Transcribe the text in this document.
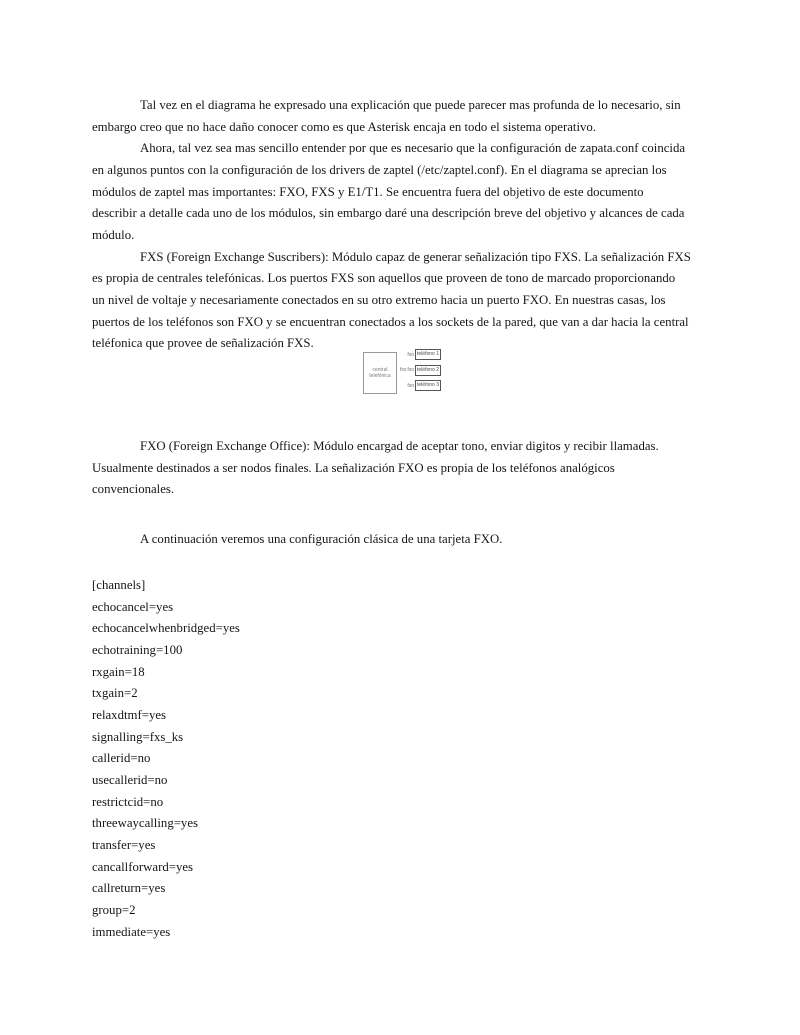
Tal vez en el diagrama he expresado una explicación que puede parecer mas profunda de lo necesario, sin
embargo creo que no hace daño conocer como es que Asterisk encaja en todo el sistema operativo.
Ahora, tal vez sea mas sencillo entender por que es necesario que la configuración de zapata.conf coincida
en algunos puntos con la configuración de los drivers de zaptel (/etc/zaptel.conf). En el diagrama se aprecian los
módulos de zaptel mas importantes: FXO, FXS y E1/T1. Se encuentra fuera del objetivo de este documento
describir a detalle cada uno de los módulos, sin embargo daré una descripción breve del objetivo y alcances de cada
módulo.
FXS (Foreign Exchange Suscribers): Módulo capaz de generar señalización tipo FXS. La señalización FXS
es propia de centrales telefónicas. Los puertos FXS son aquellos que proveen de tono de marcado proporcionando
un nivel de voltaje y necesariamente conectados en su otro extremo hacia un puerto FXO. En nuestras casas, los
puertos de los teléfonos son FXO y se encuentran conectados a los sockets de la pared, que van a dar hacia la central
teléfonica que provee de señalización FXS.
central telefónica
fxs
fxo teléfono 1
fxo teléfono 2
fxo teléfono 3
FXO (Foreign Exchange Office): Módulo encargad de aceptar tono, enviar digitos y recibir llamadas.
Usualmente destinados a ser nodos finales. La señalización FXO es propia de los teléfonos analógicos
convencionales.
A continuación veremos una configuración clásica de una tarjeta FXO.
[channels]
echocancel=yes
echocancelwhenbridged=yes
echotraining=100
rxgain=18
txgain=2
relaxdtmf=yes
signalling=fxs_ks
callerid=no
usecallerid=no
restrictcid=no
threewaycalling=yes
transfer=yes
cancallforward=yes
callreturn=yes
group=2
immediate=yes
